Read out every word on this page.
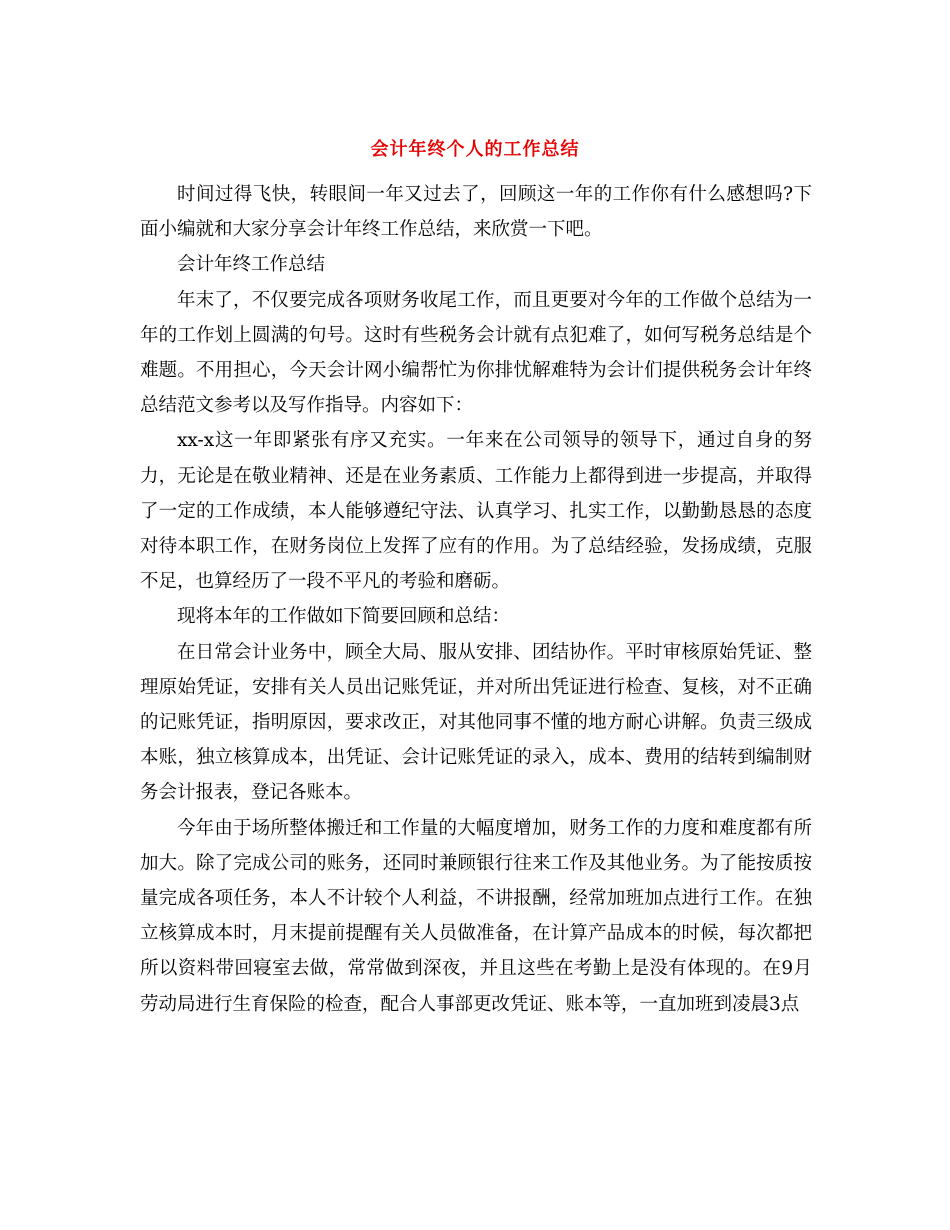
会计年终个人的工作总结

时间过得飞快，转眼间一年又过去了，回顾这一年的工作你有什么感想吗?下面小编就和大家分享会计年终工作总结，来欣赏一下吧。

会计年终工作总结

年末了，不仅要完成各项财务收尾工作，而且更要对今年的工作做个总结为一年的工作划上圆满的句号。这时有些税务会计就有点犯难了，如何写税务总结是个难题。不用担心，今天会计网小编帮忙为你排忧解难特为会计们提供税务会计年终总结范文参考以及写作指导。内容如下：

xx-x这一年即紧张有序又充实。一年来在公司领导的领导下，通过自身的努力，无论是在敬业精神、还是在业务素质、工作能力上都得到进一步提高，并取得了一定的工作成绩，本人能够遵纪守法、认真学习、扎实工作，以勤勤恳恳的态度对待本职工作，在财务岗位上发挥了应有的作用。为了总结经验，发扬成绩，克服不足，也算经历了一段不平凡的考验和磨砺。

现将本年的工作做如下简要回顾和总结：

在日常会计业务中，顾全大局、服从安排、团结协作。平时审核原始凭证、整理原始凭证，安排有关人员出记账凭证，并对所出凭证进行检查、复核，对不正确的记账凭证，指明原因，要求改正，对其他同事不懂的地方耐心讲解。负责三级成本账，独立核算成本，出凭证、会计记账凭证的录入，成本、费用的结转到编制财务会计报表，登记各账本。

今年由于场所整体搬迁和工作量的大幅度增加，财务工作的力度和难度都有所加大。除了完成公司的账务，还同时兼顾银行往来工作及其他业务。为了能按质按量完成各项任务，本人不计较个人利益，不讲报酬，经常加班加点进行工作。在独立核算成本时，月末提前提醒有关人员做准备，在计算产品成本的时候，每次都把所以资料带回寝室去做，常常做到深夜，并且这些在考勤上是没有体现的。在9月劳动局进行生育保险的检查，配合人事部更改凭证、账本等，一直加班到凌晨3点
